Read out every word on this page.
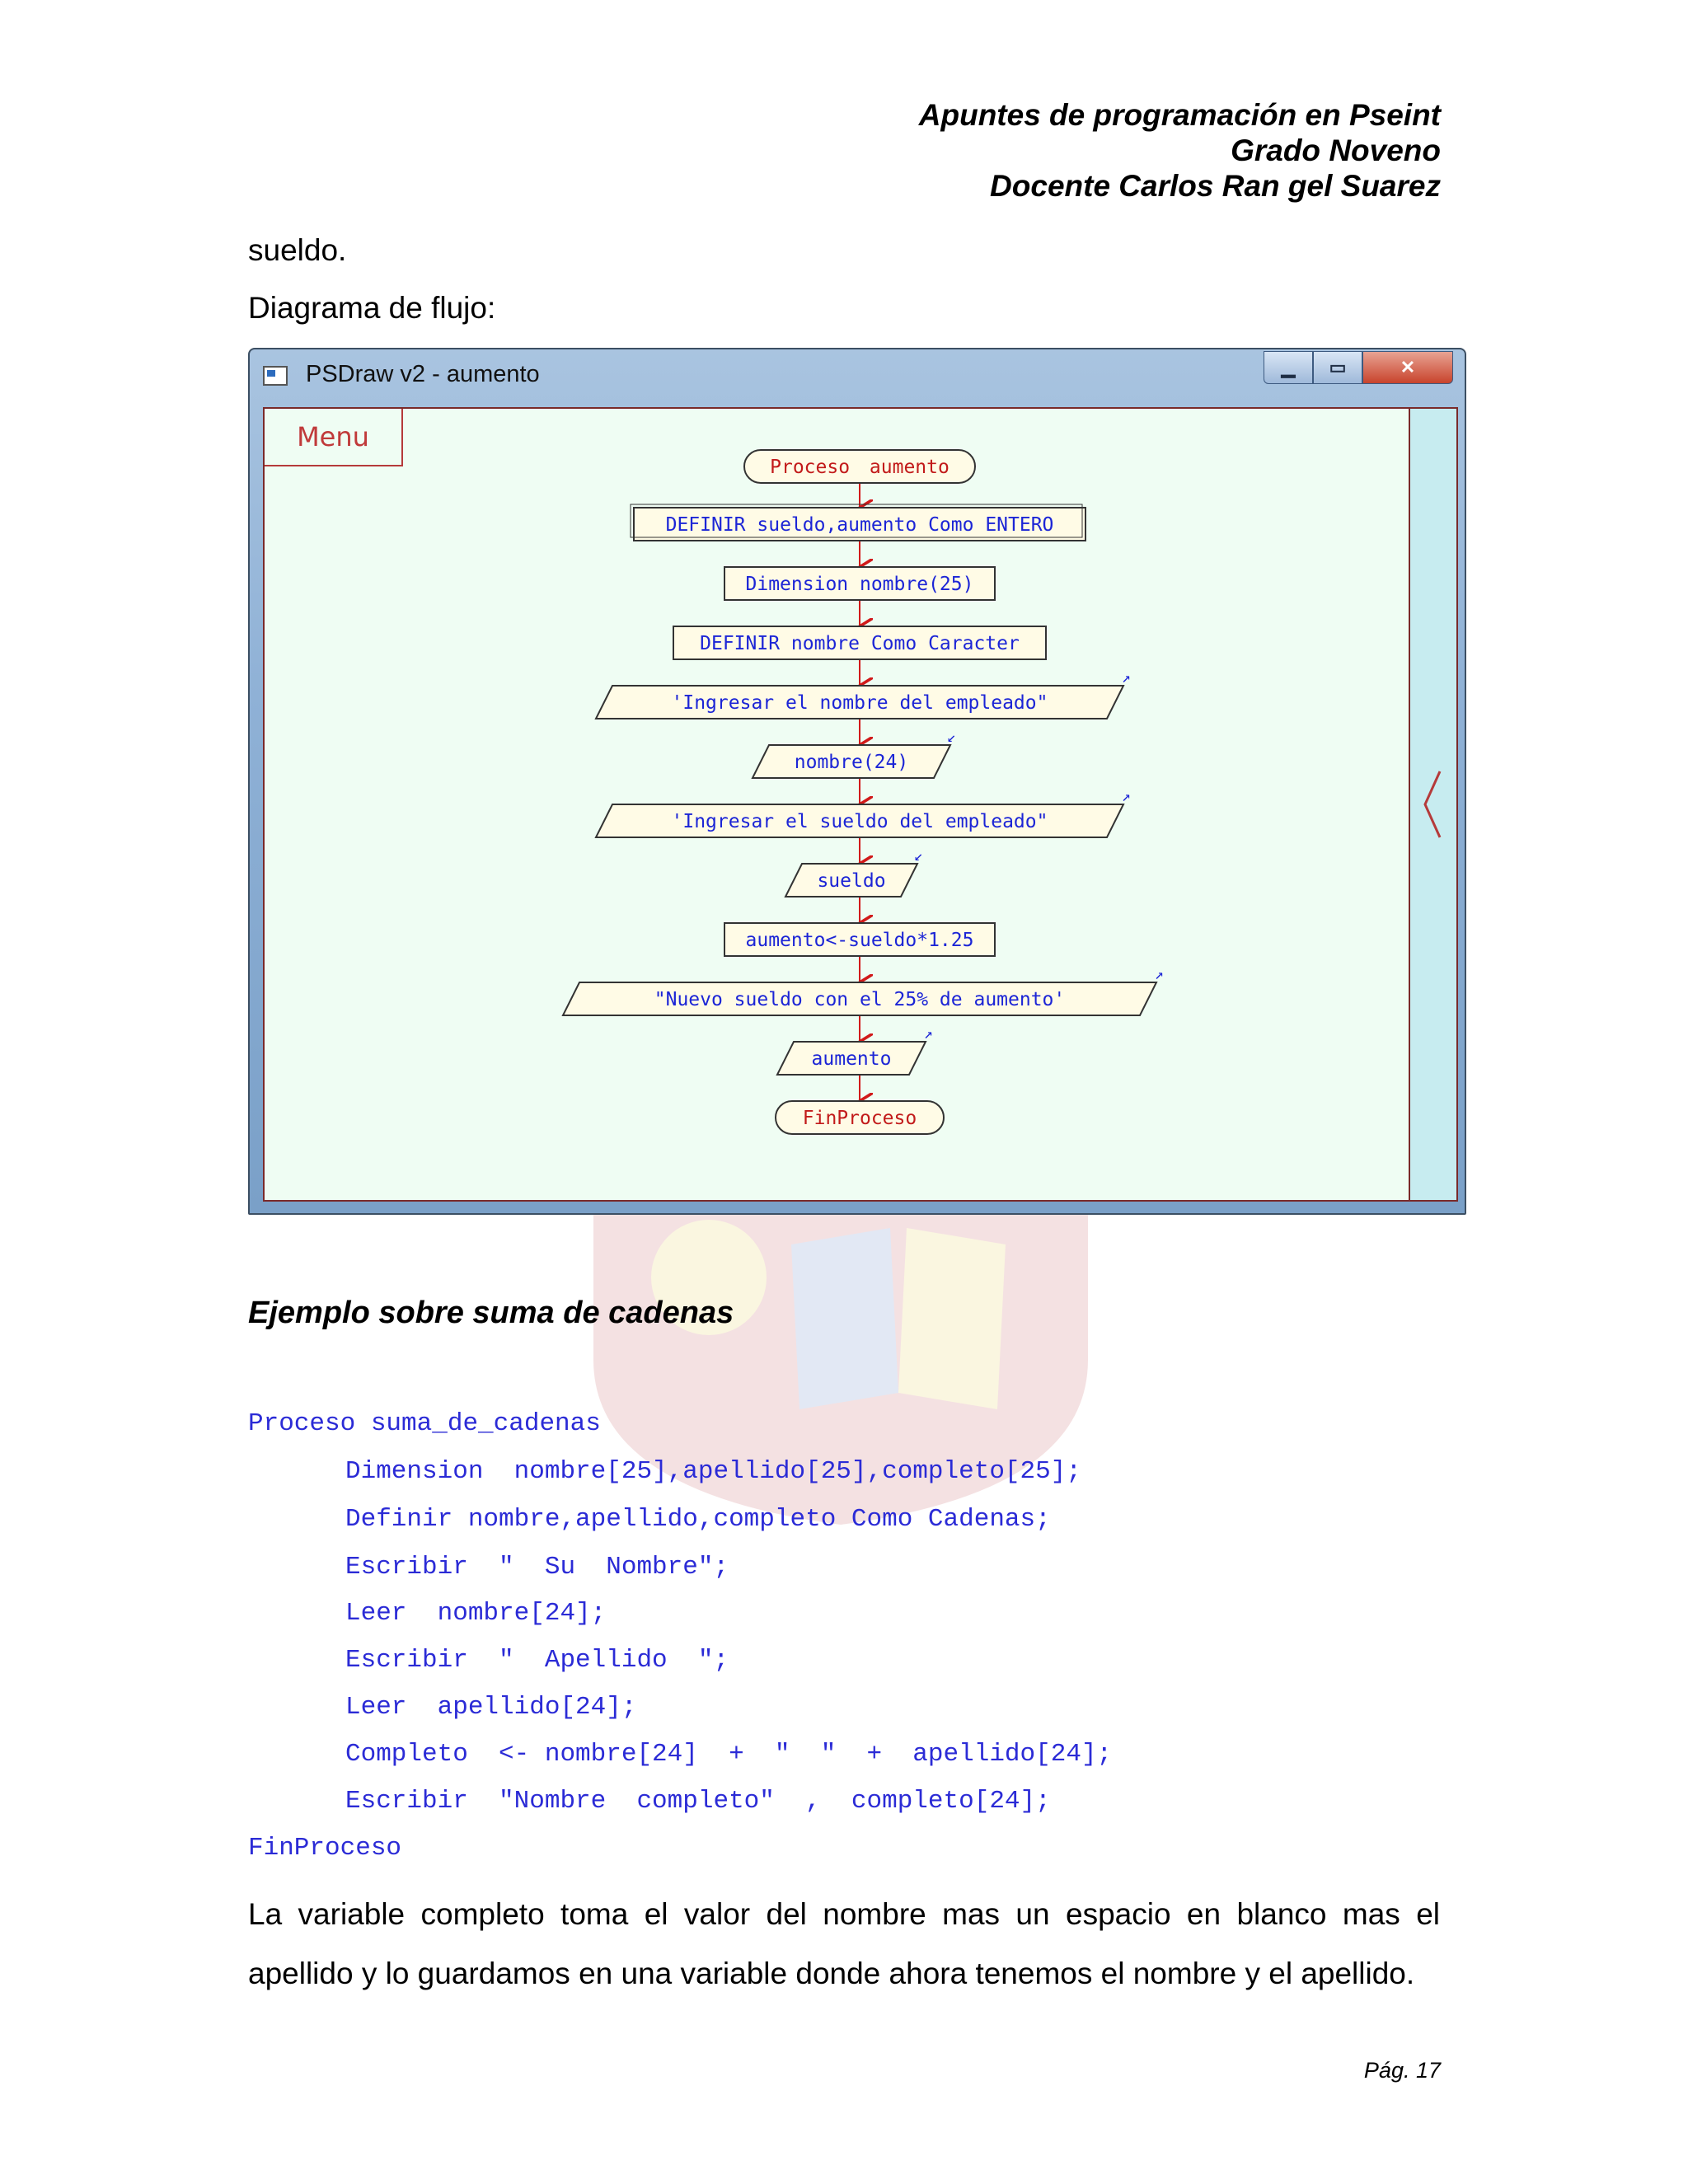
Apuntes de programación en Pseint
Grado Noveno
Docente Carlos Ran gel Suarez
sueldo.
Diagrama de flujo:
PSDraw v2 - aumento	▁ ▭	✕
Menu
Proceso aumento
DEFINIR sueldo,aumento Como ENTERO
Dimension nombre(25)
DEFINIR nombre Como Caracter
'Ingresar el nombre del empleado"
↗
nombre(24)
↙
'Ingresar el sueldo del empleado"
↗
sueldo
↙
aumento<-sueldo*1.25
"Nuevo sueldo con el 25% de aumento'
↗
aumento
↗
FinProceso
Ejemplo sobre suma de cadenas
Proceso suma_de_cadenas
Dimension  nombre[25],apellido[25],completo[25];
Definir nombre,apellido,completo Como Cadenas;
Escribir  "  Su  Nombre";
Leer  nombre[24];
Escribir  "  Apellido  ";
Leer  apellido[24];
Completo  <- nombre[24]  +  "  "  +  apellido[24];
Escribir  "Nombre  completo"  ,  completo[24];
FinProceso
La variable completo toma el valor del nombre mas un espacio en blanco mas el apellido y lo guardamos en una variable donde ahora tenemos el nombre y el apellido.
Pág. 17
